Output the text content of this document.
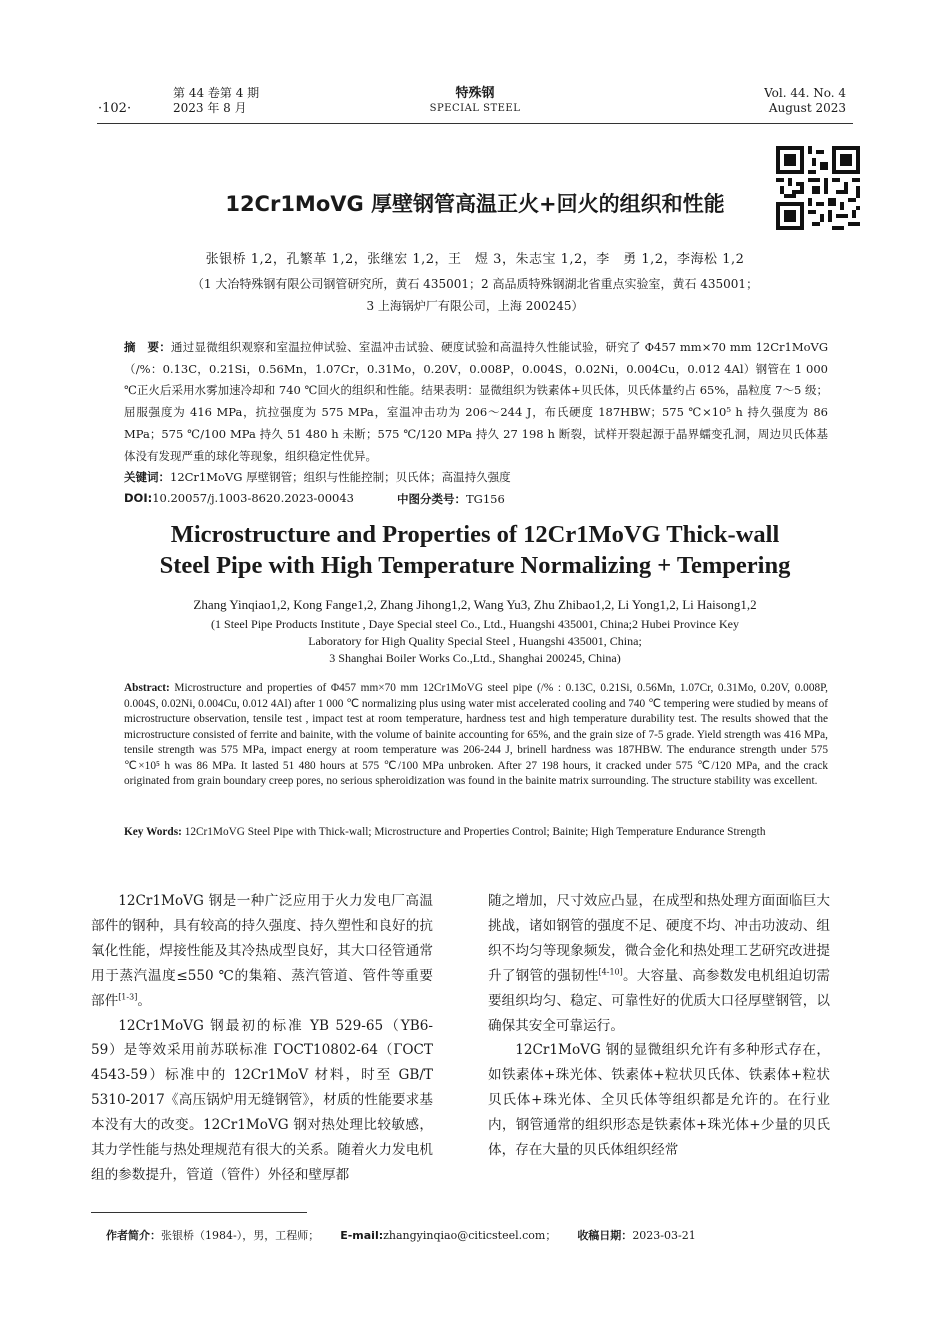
·102·
第 44 卷第 4 期
2023 年 8 月
特殊钢
SPECIAL STEEL
Vol. 44. No. 4
August 2023
12Cr1MoVG 厚壁钢管高温正火+回火的组织和性能
张银桥 1,2，孔繁革 1,2，张继宏 1,2，王　煜 3，朱志宝 1,2，李　勇 1,2，李海松 1,2
（1 大冶特殊钢有限公司钢管研究所，黄石 435001；2 高品质特殊钢湖北省重点实验室，黄石 435001；
3 上海锅炉厂有限公司，上海 200245）
摘　要：通过显微组织观察和室温拉伸试验、室温冲击试验、硬度试验和高温持久性能试验，研究了 Φ457 mm×70 mm 12Cr1MoVG（/%：0.13C，0.21Si，0.56Mn，1.07Cr，0.31Mo，0.20V，0.008P，0.004S，0.02Ni，0.004Cu，0.012 4Al）钢管在 1 000 ℃正火后采用水雾加速冷却和 740 ℃回火的组织和性能。结果表明：显微组织为铁素体+贝氏体，贝氏体量约占 65%，晶粒度 7～5 级；屈服强度为 416 MPa，抗拉强度为 575 MPa，室温冲击功为 206～244 J，布氏硬度 187HBW；575 ℃×10⁵ h 持久强度为 86 MPa；575 ℃/100 MPa 持久 51 480 h 未断；575 ℃/120 MPa 持久 27 198 h 断裂，试样开裂起源于晶界蠕变孔洞，周边贝氏体基体没有发现严重的球化等现象，组织稳定性优异。
关键词：12Cr1MoVG 厚壁钢管；组织与性能控制；贝氏体；高温持久强度
DOI:10.20057/j.1003-8620.2023-00043	中图分类号：TG156
Microstructure and Properties of 12Cr1MoVG Thick-wall
Steel Pipe with High Temperature Normalizing + Tempering
Zhang Yinqiao1,2, Kong Fange1,2, Zhang Jihong1,2, Wang Yu3, Zhu Zhibao1,2, Li Yong1,2, Li Haisong1,2
(1 Steel Pipe Products Institute , Daye Special steel Co., Ltd., Huangshi 435001, China;2 Hubei Province Key
Laboratory for High Quality Special Steel , Huangshi 435001, China;
3 Shanghai Boiler Works Co.,Ltd., Shanghai 200245, China)
Abstract: Microstructure and properties of Φ457 mm×70 mm 12Cr1MoVG steel pipe (/% : 0.13C, 0.21Si, 0.56Mn, 1.07Cr, 0.31Mo, 0.20V, 0.008P, 0.004S, 0.02Ni, 0.004Cu, 0.012 4Al) after 1 000 ℃ normalizing plus using water mist accelerated cooling and 740 ℃ tempering were studied by means of microstructure observation, tensile test , impact test at room temperature, hardness test and high temperature durability test. The results showed that the microstructure consisted of ferrite and bainite, with the volume of bainite accounting for 65%, and the grain size of 7-5 grade. Yield strength was 416 MPa, tensile strength was 575 MPa, impact energy at room temperature was 206-244 J, brinell hardness was 187HBW. The endurance strength under 575 ℃×10⁵ h was 86 MPa. It lasted 51 480 hours at 575 ℃/100 MPa unbroken. After 27 198 hours, it cracked under 575 ℃/120 MPa, and the crack originated from grain boundary creep pores, no serious spheroidization was found in the bainite matrix surrounding. The structure stability was excellent.
Key Words: 12Cr1MoVG Steel Pipe with Thick-wall; Microstructure and Properties Control; Bainite; High Temperature Endurance Strength

12Cr1MoVG 钢是一种广泛应用于火力发电厂高温部件的钢种，具有较高的持久强度、持久塑性和良好的抗氧化性能，焊接性能及其冷热成型良好，其大口径管通常用于蒸汽温度≤550 ℃的集箱、蒸汽管道、管件等重要部件[1-3]。

12Cr1MoVG 钢最初的标准 YB 529-65（YB6-59）是等效采用前苏联标准 ГОСТ10802-64（ГОСТ 4543-59）标准中的 12Cr1MoV 材料，时至 GB/T 5310-2017《高压锅炉用无缝钢管》，材质的性能要求基本没有大的改变。12Cr1MoVG 钢对热处理比较敏感，其力学性能与热处理规范有很大的关系。随着火力发电机组的参数提升，管道（管件）外径和壁厚都

随之增加，尺寸效应凸显，在成型和热处理方面面临巨大挑战，诸如钢管的强度不足、硬度不均、冲击功波动、组织不均匀等现象频发，微合金化和热处理工艺研究改进提升了钢管的强韧性[4-10]。大容量、高参数发电机组迫切需要组织均匀、稳定、可靠性好的优质大口径厚壁钢管，以确保其安全可靠运行。

12Cr1MoVG 钢的显微组织允许有多种形式存在，如铁素体+珠光体、铁素体+粒状贝氏体、铁素体+粒状贝氏体+珠光体、全贝氏体等组织都是允许的。在行业内，钢管通常的组织形态是铁素体+珠光体+少量的贝氏体，存在大量的贝氏体组织经常

作者简介：张银桥（1984-），男，工程师； E-mail:zhangyinqiao@citicsteel.com； 收稿日期：2023-03-21
